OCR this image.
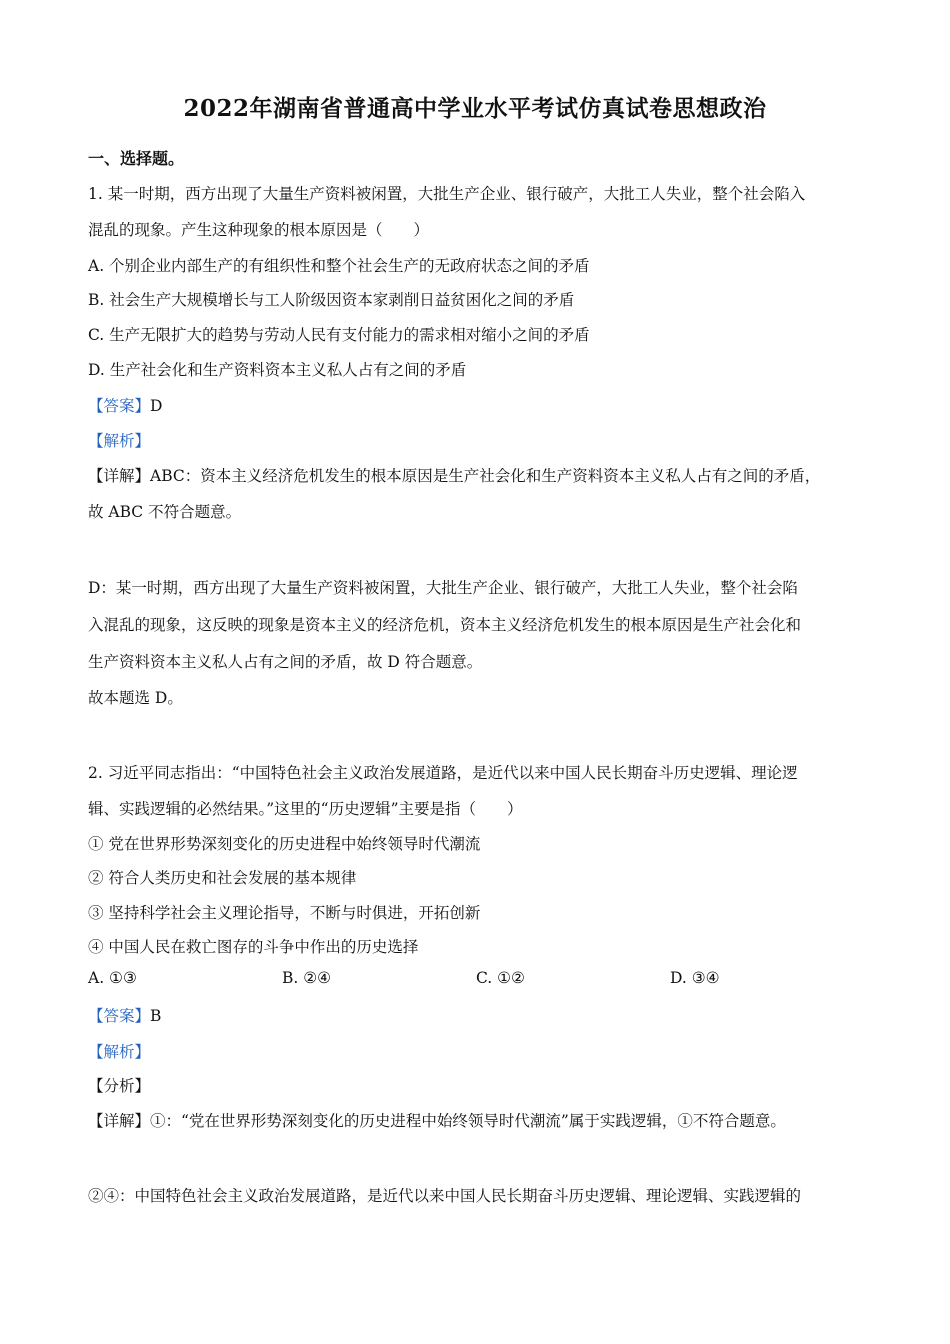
2022年湖南省普通高中学业水平考试仿真试卷思想政治
一、选择题。
1. 某一时期，西方出现了大量生产资料被闲置，大批生产企业、银行破产，大批工人失业，整个社会陷入
混乱的现象。产生这种现象的根本原因是（　　）
A. 个别企业内部生产的有组织性和整个社会生产的无政府状态之间的矛盾
B. 社会生产大规模增长与工人阶级因资本家剥削日益贫困化之间的矛盾
C. 生产无限扩大的趋势与劳动人民有支付能力的需求相对缩小之间的矛盾
D. 生产社会化和生产资料资本主义私人占有之间的矛盾
【答案】D
【解析】
【详解】ABC：资本主义经济危机发生的根本原因是生产社会化和生产资料资本主义私人占有之间的矛盾，
故 ABC 不符合题意。
D：某一时期，西方出现了大量生产资料被闲置，大批生产企业、银行破产，大批工人失业，整个社会陷
入混乱的现象，这反映的现象是资本主义的经济危机，资本主义经济危机发生的根本原因是生产社会化和
生产资料资本主义私人占有之间的矛盾，故 D 符合题意。
故本题选 D。
2. 习近平同志指出：“中国特色社会主义政治发展道路，是近代以来中国人民长期奋斗历史逻辑、理论逻
辑、实践逻辑的必然结果。”这里的“历史逻辑”主要是指（　　）
① 党在世界形势深刻变化的历史进程中始终领导时代潮流
② 符合人类历史和社会发展的基本规律
③ 坚持科学社会主义理论指导，不断与时俱进，开拓创新
④ 中国人民在救亡图存的斗争中作出的历史选择
A. ①③	B. ②④	C. ①②	D. ③④
【答案】B
【解析】
【分析】
【详解】①：“党在世界形势深刻变化的历史进程中始终领导时代潮流”属于实践逻辑，①不符合题意。
②④：中国特色社会主义政治发展道路，是近代以来中国人民长期奋斗历史逻辑、理论逻辑、实践逻辑的
